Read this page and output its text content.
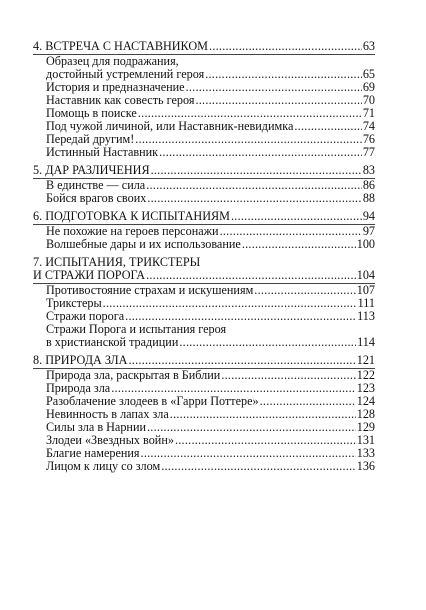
4. ВСТРЕЧА С НАСТАВНИКОМ .....	63
Образец для подражания,
достойный устремлений героя .....	65
История и предназначение .....	69
Наставник как совесть героя .....	70
Помощь в поиске .....	71
Под чужой личиной, или Наставник-невидимка .....	74
Передай другим! .....	76
Истинный Наставник .....	77
5. ДАР РАЗЛИЧЕНИЯ .....	83
В единстве — сила .....	86
Бойся врагов своих .....	88
6. ПОДГОТОВКА К ИСПЫТАНИЯМ .....	94
Не похожие на героев персонажи .....	97
Волшебные дары и их использование .....	100
7. ИСПЫТАНИЯ, ТРИКСТЕРЫ
И СТРАЖИ ПОРОГА .....	104
Противостояние страхам и искушениям .....	107
Трикстеры .....	111
Стражи порога .....	113
Стражи Порога и испытания героя
в христианской традиции .....	114
8. ПРИРОДА ЗЛА .....	121
Природа зла, раскрытая в Библии .....	122
Природа зла .....	123
Разоблачение злодеев в «Гарри Поттере» .....	124
Невинность в лапах зла .....	128
Силы зла в Нарнии .....	129
Злодеи «Звездных войн» .....	131
Благие намерения .....	133
Лицом к лицу со злом .....	136
